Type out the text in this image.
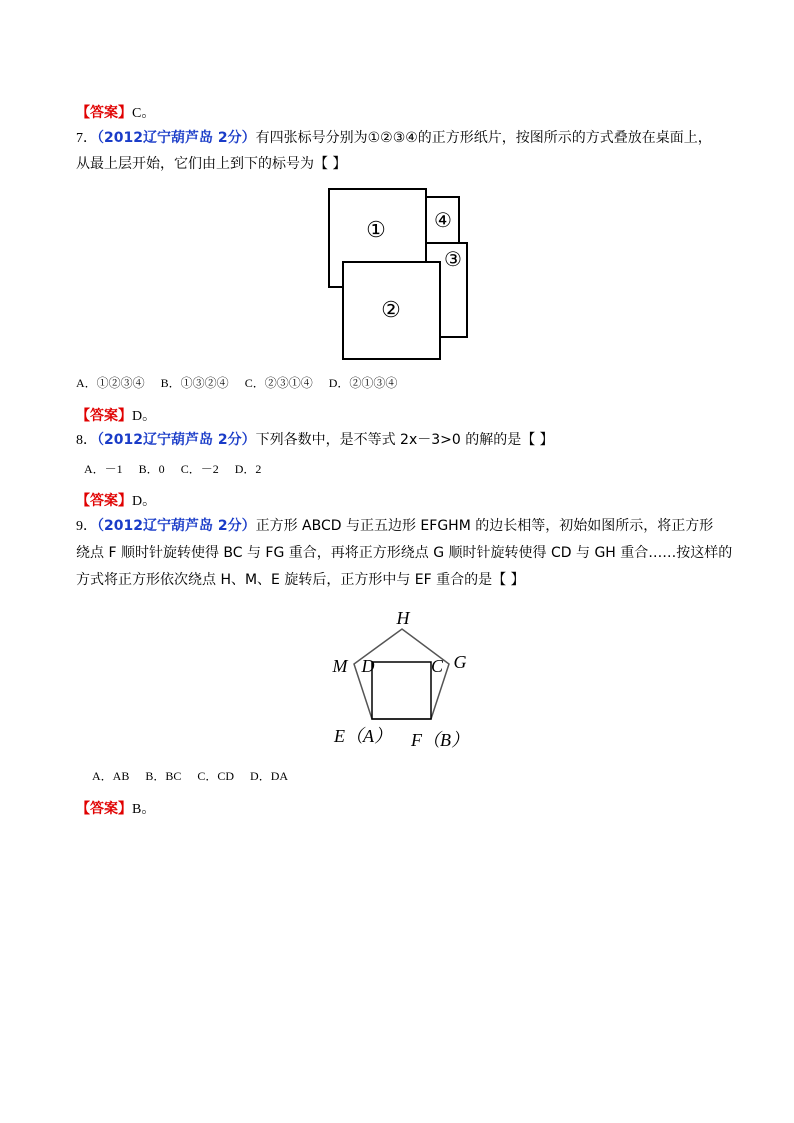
【答案】C。
7．（2012辽宁葫芦岛 2分）有四张标号分别为①②③④的正方形纸片，按图所示的方式叠放在桌面上，
从最上层开始，它们由上到下的标号为【 】
①
②
③
④
A．①②③④ B．①③②④ C．②③①④ D．②①③④
【答案】D。
8．（2012辽宁葫芦岛 2分）下列各数中，是不等式 2x－3>0 的解的是【 】
A．－1 B．0 C．－2 D．2
【答案】D。
9．（2012辽宁葫芦岛 2分）正方形 ABCD 与正五边形 EFGHM 的边长相等，初始如图所示，将正方形
绕点 F 顺时针旋转使得 BC 与 FG 重合，再将正方形绕点 G 顺时针旋转使得 CD 与 GH 重合……按这样的
方式将正方形依次绕点 H、M、E 旋转后，正方形中与 EF 重合的是【 】
H
M D	C G
E（A） F（B）
A．AB B．BC C．CD D．DA
【答案】B。
